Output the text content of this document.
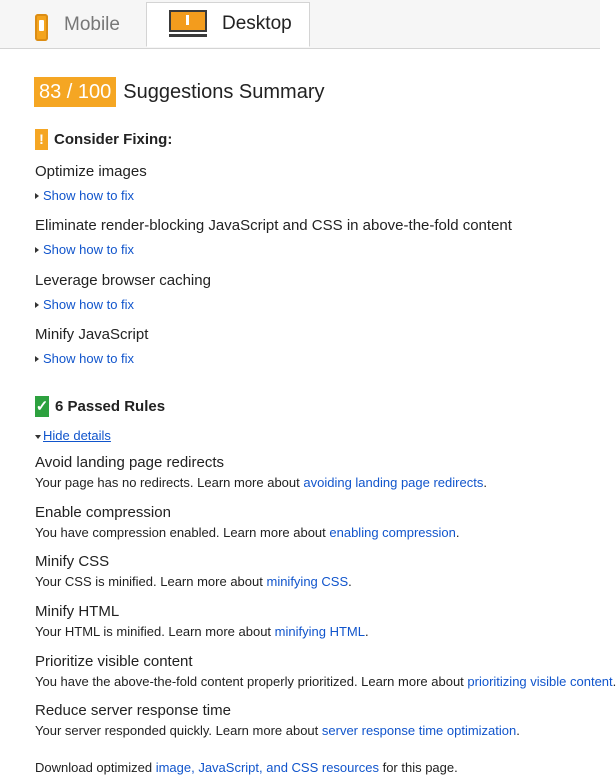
Mobile	Desktop
83 / 100 Suggestions Summary
! Consider Fixing:
Optimize images
Show how to fix
Eliminate render-blocking JavaScript and CSS in above-the-fold content
Show how to fix
Leverage browser caching
Show how to fix
Minify JavaScript
Show how to fix
✓ 6 Passed Rules
Hide details
Avoid landing page redirects
Your page has no redirects. Learn more about avoiding landing page redirects.
Enable compression
You have compression enabled. Learn more about enabling compression.
Minify CSS
Your CSS is minified. Learn more about minifying CSS.
Minify HTML
Your HTML is minified. Learn more about minifying HTML.
Prioritize visible content
You have the above-the-fold content properly prioritized. Learn more about prioritizing visible content.
Reduce server response time
Your server responded quickly. Learn more about server response time optimization.
Download optimized image, JavaScript, and CSS resources for this page.
